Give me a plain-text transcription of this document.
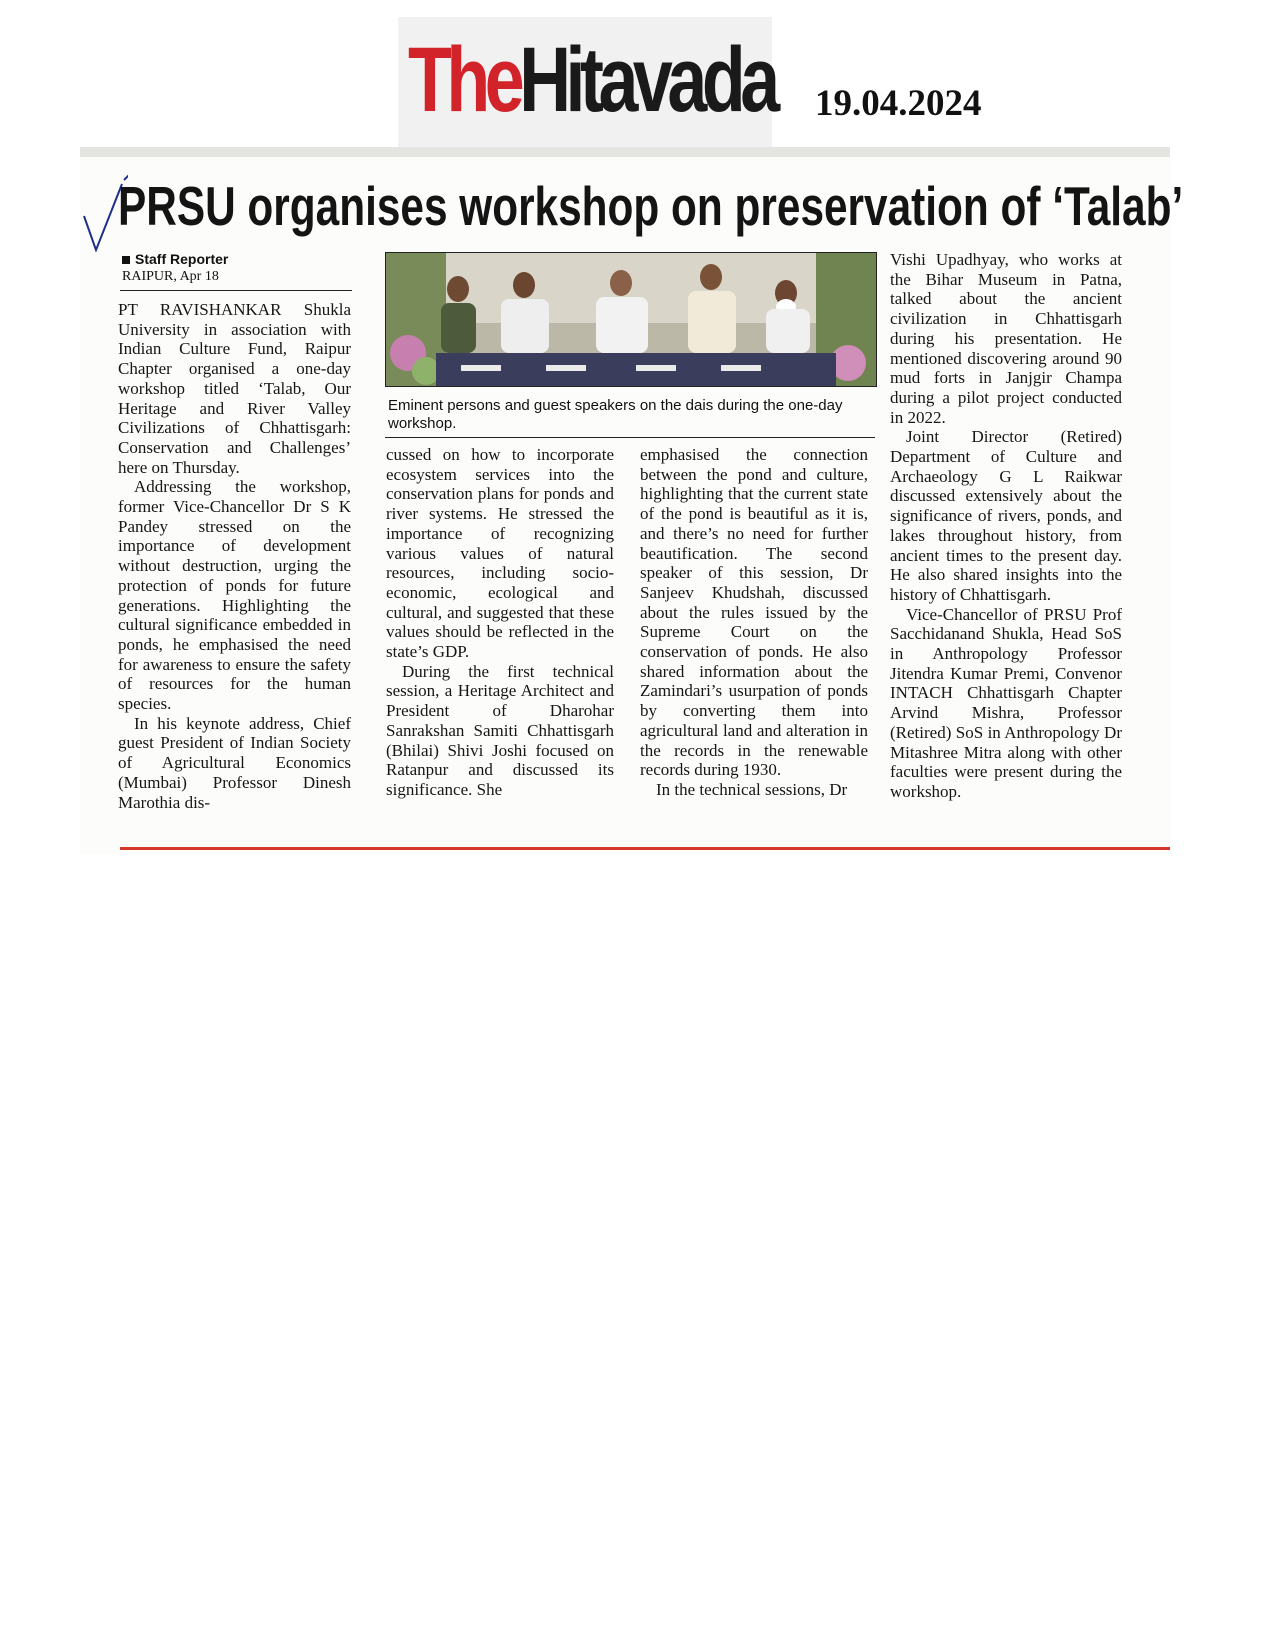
TheHitavada 19.04.2024
PRSU organises workshop on preservation of ‘Talab’
Staff Reporter
RAIPUR, Apr 18

PT RAVISHANKAR Shukla University in association with Indian Culture Fund, Raipur Chapter organised a one-day workshop titled ‘Talab, Our Heritage and River Valley Civilizations of Chhattisgarh: Conservation and Challenges’ here on Thursday.

Addressing the workshop, former Vice-Chancellor Dr S K Pandey stressed on the importance of development without destruction, urging the protection of ponds for future generations. Highlighting the cultural significance embedded in ponds, he emphasised the need for awareness to ensure the safety of resources for the human species.

In his keynote address, Chief guest President of Indian Society of Agricultural Economics (Mumbai) Professor Dinesh Marothia dis-

Eminent persons and guest speakers on the dais during the one-day workshop.

cussed on how to incorporate ecosystem services into the conservation plans for ponds and river systems. He stressed the importance of recognizing various values of natural resources, including socio-economic, ecological and cultural, and suggested that these values should be reflected in the state’s GDP.

During the first technical session, a Heritage Architect and President of Dharohar Sanrakshan Samiti Chhattisgarh (Bhilai) Shivi Joshi focused on Ratanpur and discussed its significance. She

emphasised the connection between the pond and culture, highlighting that the current state of the pond is beautiful as it is, and there’s no need for further beautification. The second speaker of this session, Dr Sanjeev Khudshah, discussed about the rules issued by the Supreme Court on the conservation of ponds. He also shared information about the Zamindari’s usurpation of ponds by converting them into agricultural land and alteration in the records in the renewable records during 1930.

In the technical sessions, Dr

Vishi Upadhyay, who works at the Bihar Museum in Patna, talked about the ancient civilization in Chhattisgarh during his presentation. He mentioned discovering around 90 mud forts in Janjgir Champa during a pilot project conducted in 2022.

Joint Director (Retired) Department of Culture and Archaeology G L Raikwar discussed extensively about the significance of rivers, ponds, and lakes throughout history, from ancient times to the present day. He also shared insights into the history of Chhattisgarh.

Vice-Chancellor of PRSU Prof Sacchidanand Shukla, Head SoS in Anthropology Professor Jitendra Kumar Premi, Convenor INTACH Chhattisgarh Chapter Arvind Mishra, Professor (Retired) SoS in Anthropology Dr Mitashree Mitra along with other faculties were present during the workshop.
